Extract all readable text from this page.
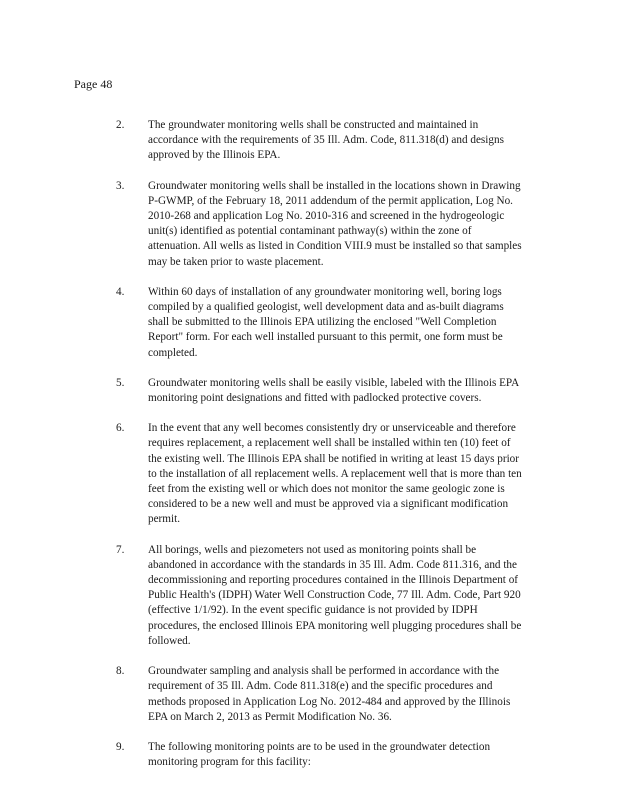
Page 48
2.	The groundwater monitoring wells shall be constructed and maintained in accordance with the requirements of 35 Ill. Adm. Code, 811.318(d) and designs approved by the Illinois EPA.
3.	Groundwater monitoring wells shall be installed in the locations shown in Drawing P-GWMP, of the February 18, 2011 addendum of the permit application, Log No. 2010-268 and application Log No. 2010-316 and screened in the hydrogeologic unit(s) identified as potential contaminant pathway(s) within the zone of attenuation. All wells as listed in Condition VIII.9 must be installed so that samples may be taken prior to waste placement.
4.	Within 60 days of installation of any groundwater monitoring well, boring logs compiled by a qualified geologist, well development data and as-built diagrams shall be submitted to the Illinois EPA utilizing the enclosed "Well Completion Report" form. For each well installed pursuant to this permit, one form must be completed.
5.	Groundwater monitoring wells shall be easily visible, labeled with the Illinois EPA monitoring point designations and fitted with padlocked protective covers.
6.	In the event that any well becomes consistently dry or unserviceable and therefore requires replacement, a replacement well shall be installed within ten (10) feet of the existing well. The Illinois EPA shall be notified in writing at least 15 days prior to the installation of all replacement wells. A replacement well that is more than ten feet from the existing well or which does not monitor the same geologic zone is considered to be a new well and must be approved via a significant modification permit.
7.	All borings, wells and piezometers not used as monitoring points shall be abandoned in accordance with the standards in 35 Ill. Adm. Code 811.316, and the decommissioning and reporting procedures contained in the Illinois Department of Public Health's (IDPH) Water Well Construction Code, 77 Ill. Adm. Code, Part 920 (effective 1/1/92). In the event specific guidance is not provided by IDPH procedures, the enclosed Illinois EPA monitoring well plugging procedures shall be followed.
8.	Groundwater sampling and analysis shall be performed in accordance with the requirement of 35 Ill. Adm. Code 811.318(e) and the specific procedures and methods proposed in Application Log No. 2012-484 and approved by the Illinois EPA on March 2, 2013 as Permit Modification No. 36.
9.	The following monitoring points are to be used in the groundwater detection monitoring program for this facility:
